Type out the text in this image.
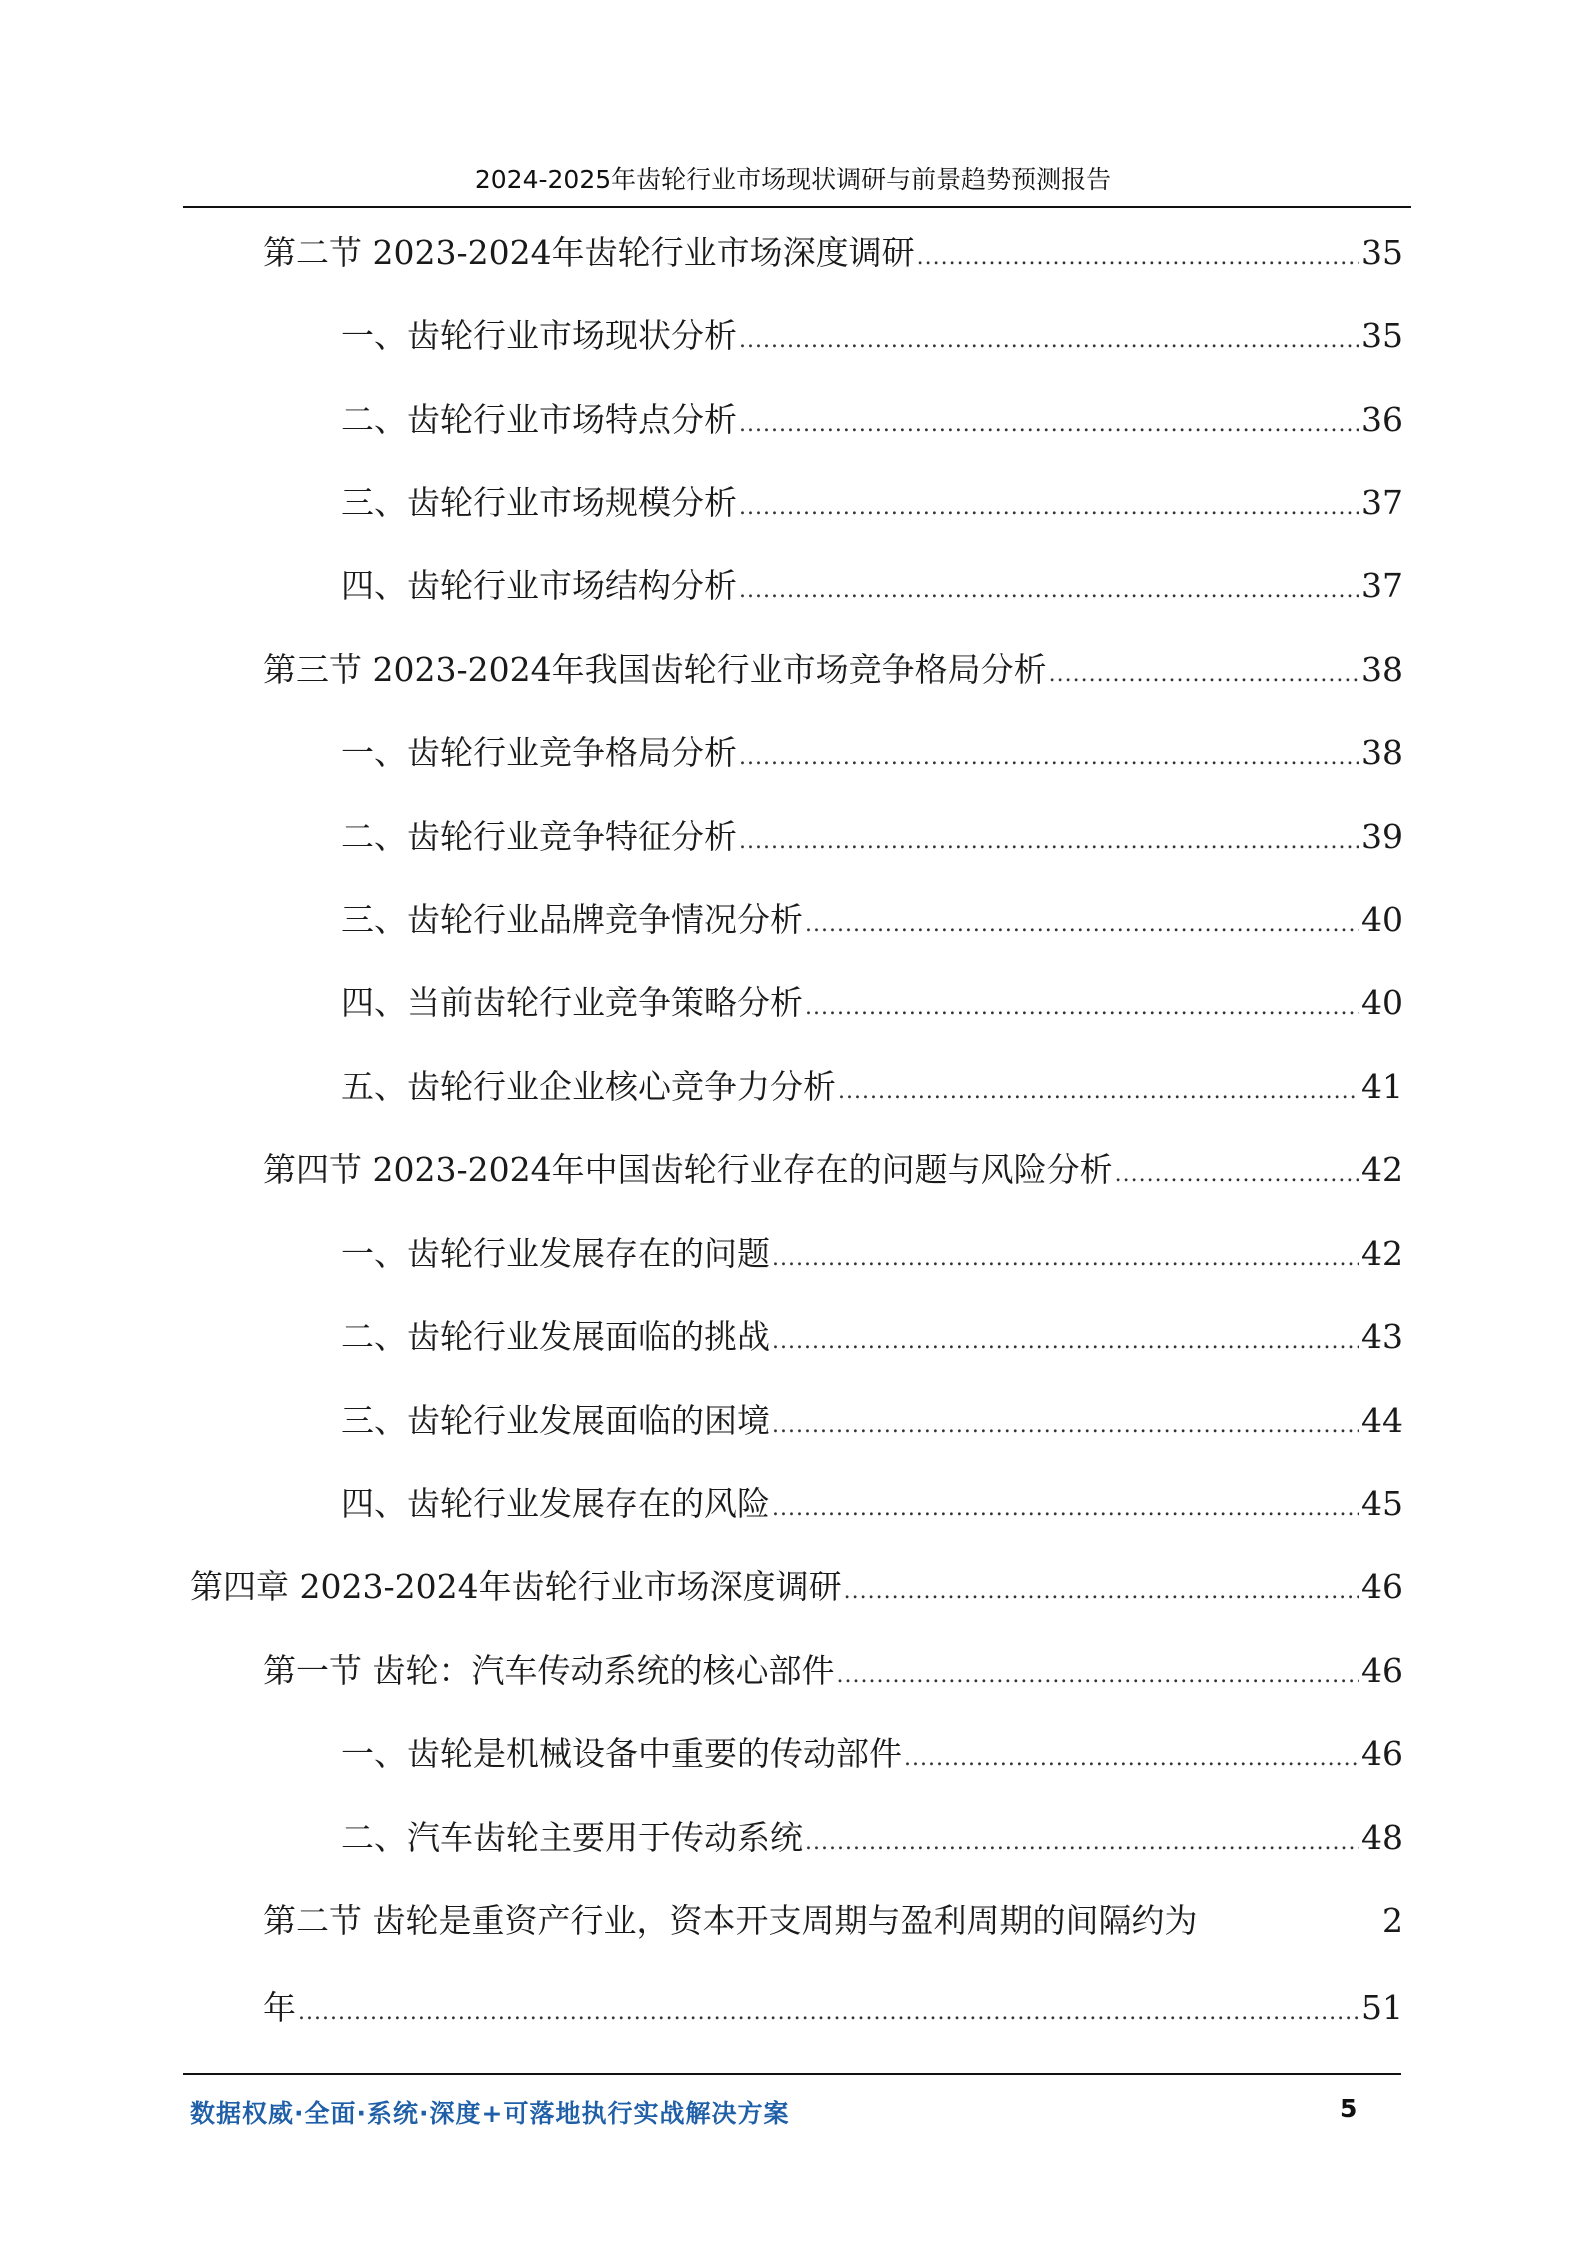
2024-2025年齿轮行业市场现状调研与前景趋势预测报告
第二节 2023-2024年齿轮行业市场深度调研 .....	35
一、齿轮行业市场现状分析 .....	35
二、齿轮行业市场特点分析 .....	36
三、齿轮行业市场规模分析 .....	37
四、齿轮行业市场结构分析 .....	37
第三节 2023-2024年我国齿轮行业市场竞争格局分析 .....	38
一、齿轮行业竞争格局分析 .....	38
二、齿轮行业竞争特征分析 .....	39
三、齿轮行业品牌竞争情况分析 .....	40
四、当前齿轮行业竞争策略分析 .....	40
五、齿轮行业企业核心竞争力分析 .....	41
第四节 2023-2024年中国齿轮行业存在的问题与风险分析 .....	42
一、齿轮行业发展存在的问题 .....	42
二、齿轮行业发展面临的挑战 .....	43
三、齿轮行业发展面临的困境 .....	44
四、齿轮行业发展存在的风险 .....	45
第四章 2023-2024年齿轮行业市场深度调研 .....	46
第一节 齿轮：汽车传动系统的核心部件 .....	46
一、齿轮是机械设备中重要的传动部件 .....	46
二、汽车齿轮主要用于传动系统 .....	48
第二节 齿轮是重资产行业，资本开支周期与盈利周期的间隔约为	2
年 .....	51
数据权威·全面·系统·深度+可落地执行实战解决方案	5
